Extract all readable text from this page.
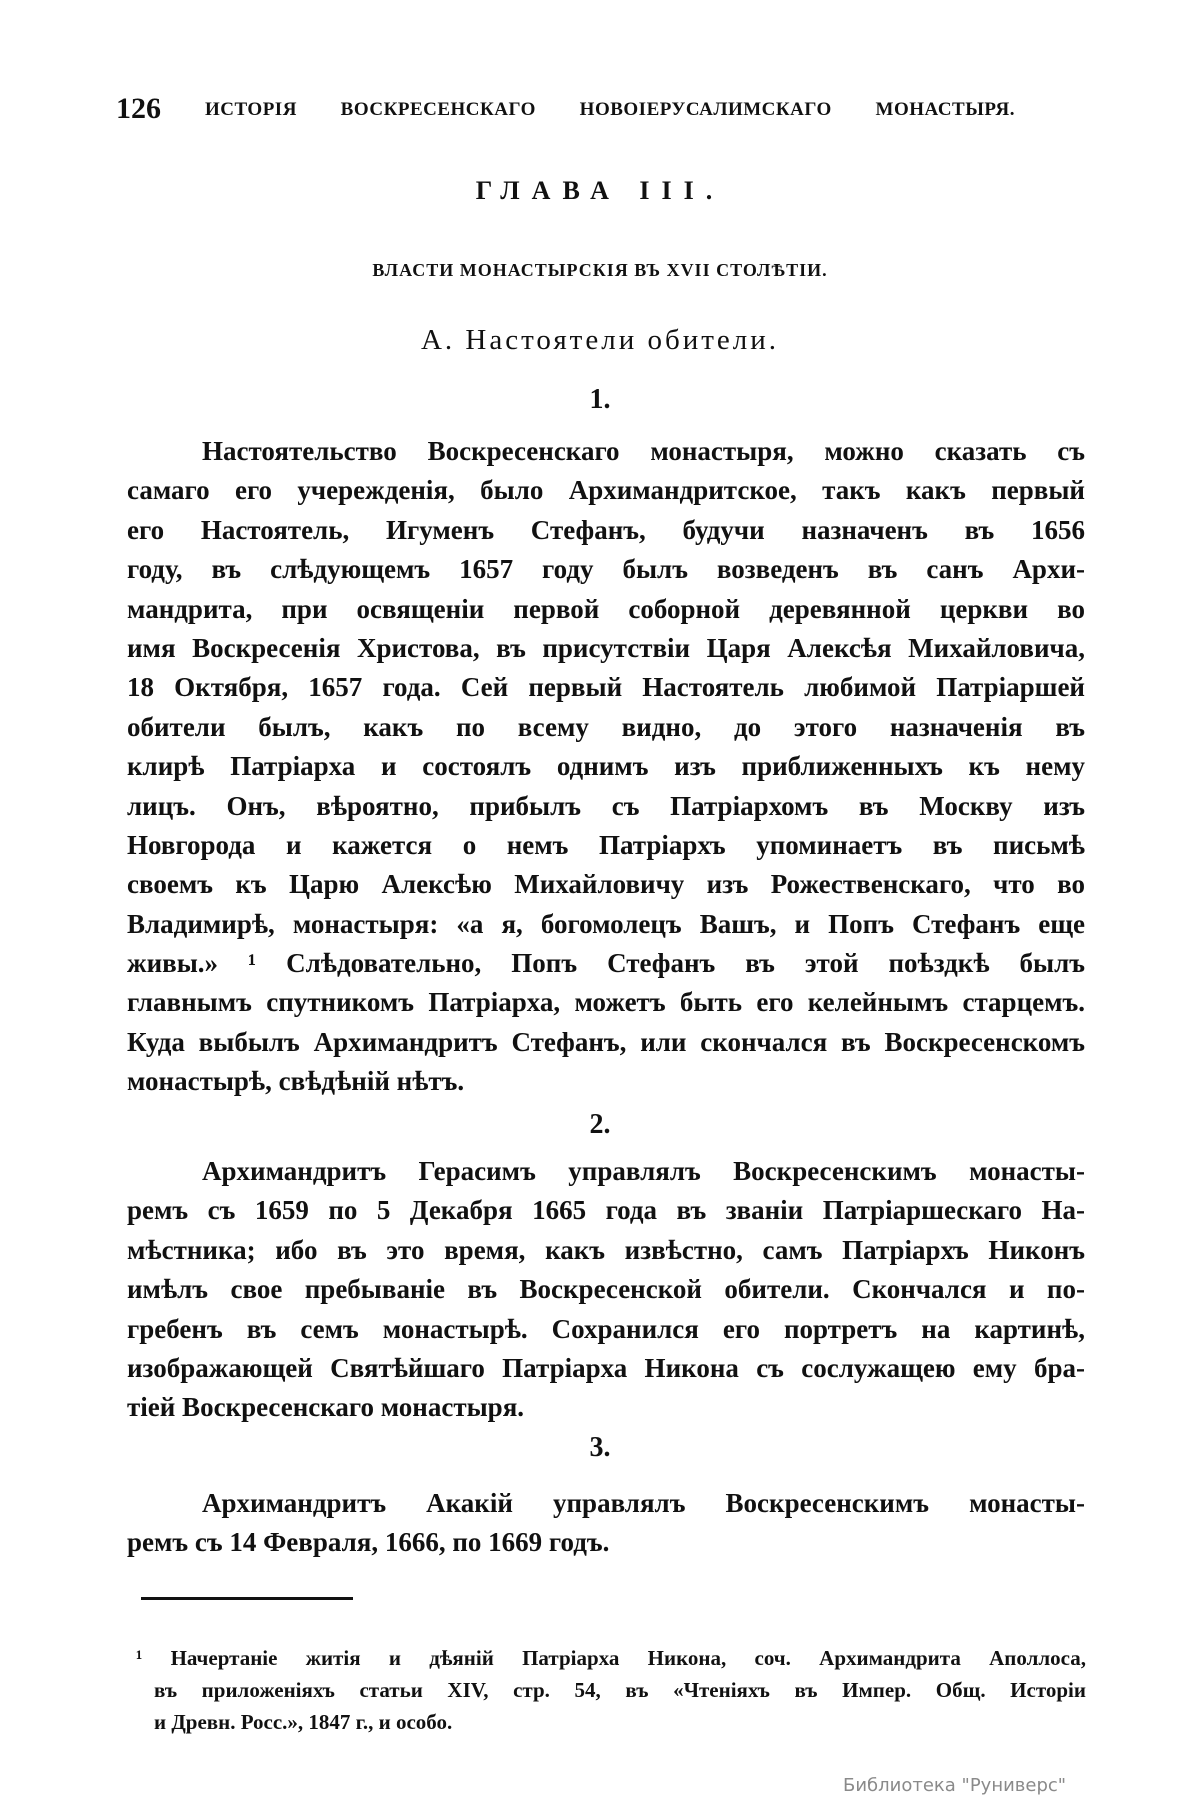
126 ИСТОРІЯ ВОСКРЕСЕНСКАГО НОВОІЕРУСАЛИМСКАГО МОНАСТЫРЯ.
ГЛАВА III.
ВЛАСТИ МОНАСТЫРСКІЯ ВЪ XVII СТОЛѢТІИ.
А. Настоятели обители.
1.
Настоятельство Воскресенскаго монастыря, можно сказать съ
самаго его учережденія, было Архимандритское, такъ какъ первый
его Настоятель, Игуменъ Стефанъ, будучи назначенъ въ 1656
году, въ слѣдующемъ 1657 году былъ возведенъ въ санъ Архи-
мандрита, при освященіи первой соборной деревянной церкви во
имя Воскресенія Христова, въ присутствіи Царя Алексѣя Михайловича,
18 Октября, 1657 года. Сей первый Настоятель любимой Патріаршей
обители былъ, какъ по всему видно, до этого назначенія въ
клирѣ Патріарха и состоялъ однимъ изъ приближенныхъ къ нему
лицъ. Онъ, вѣроятно, прибылъ съ Патріархомъ въ Москву изъ
Новгорода и кажется о немъ Патріархъ упоминаетъ въ письмѣ
своемъ къ Царю Алексѣю Михайловичу изъ Рожественскаго, что во
Владимирѣ, монастыря: «а я, богомолецъ Вашъ, и Попъ Стефанъ еще
живы.» ¹ Слѣдовательно, Попъ Стефанъ въ этой поѣздкѣ былъ
главнымъ спутникомъ Патріарха, можетъ быть его келейнымъ старцемъ.
Куда выбылъ Архимандритъ Стефанъ, или скончался въ Воскресенскомъ
монастырѣ, свѣдѣній нѣтъ.
2.
Архимандритъ Герасимъ управлялъ Воскресенскимъ монасты-
ремъ съ 1659 по 5 Декабря 1665 года въ званіи Патріаршескаго На-
мѣстника; ибо въ это время, какъ извѣстно, самъ Патріархъ Никонъ
имѣлъ свое пребываніе въ Воскресенской обители. Скончался и по-
гребенъ въ семъ монастырѣ. Сохранился его портретъ на картинѣ,
изображающей Святѣйшаго Патріарха Никона съ сослужащею ему бра-
тіей Воскресенскаго монастыря.
3.
Архимандритъ Акакій управлялъ Воскресенскимъ монасты-
ремъ съ 14 Февраля, 1666, по 1669 годъ.
¹ Начертаніе житія и дѣяній Патріарха Никона, соч. Архимандрита Аполлоса,
въ приложеніяхъ статьи XIV, стр. 54, въ «Чтеніяхъ въ Импер. Общ. Исторіи
и Древн. Росс.», 1847 г., и особо.
Библиотека "Руниверс"
